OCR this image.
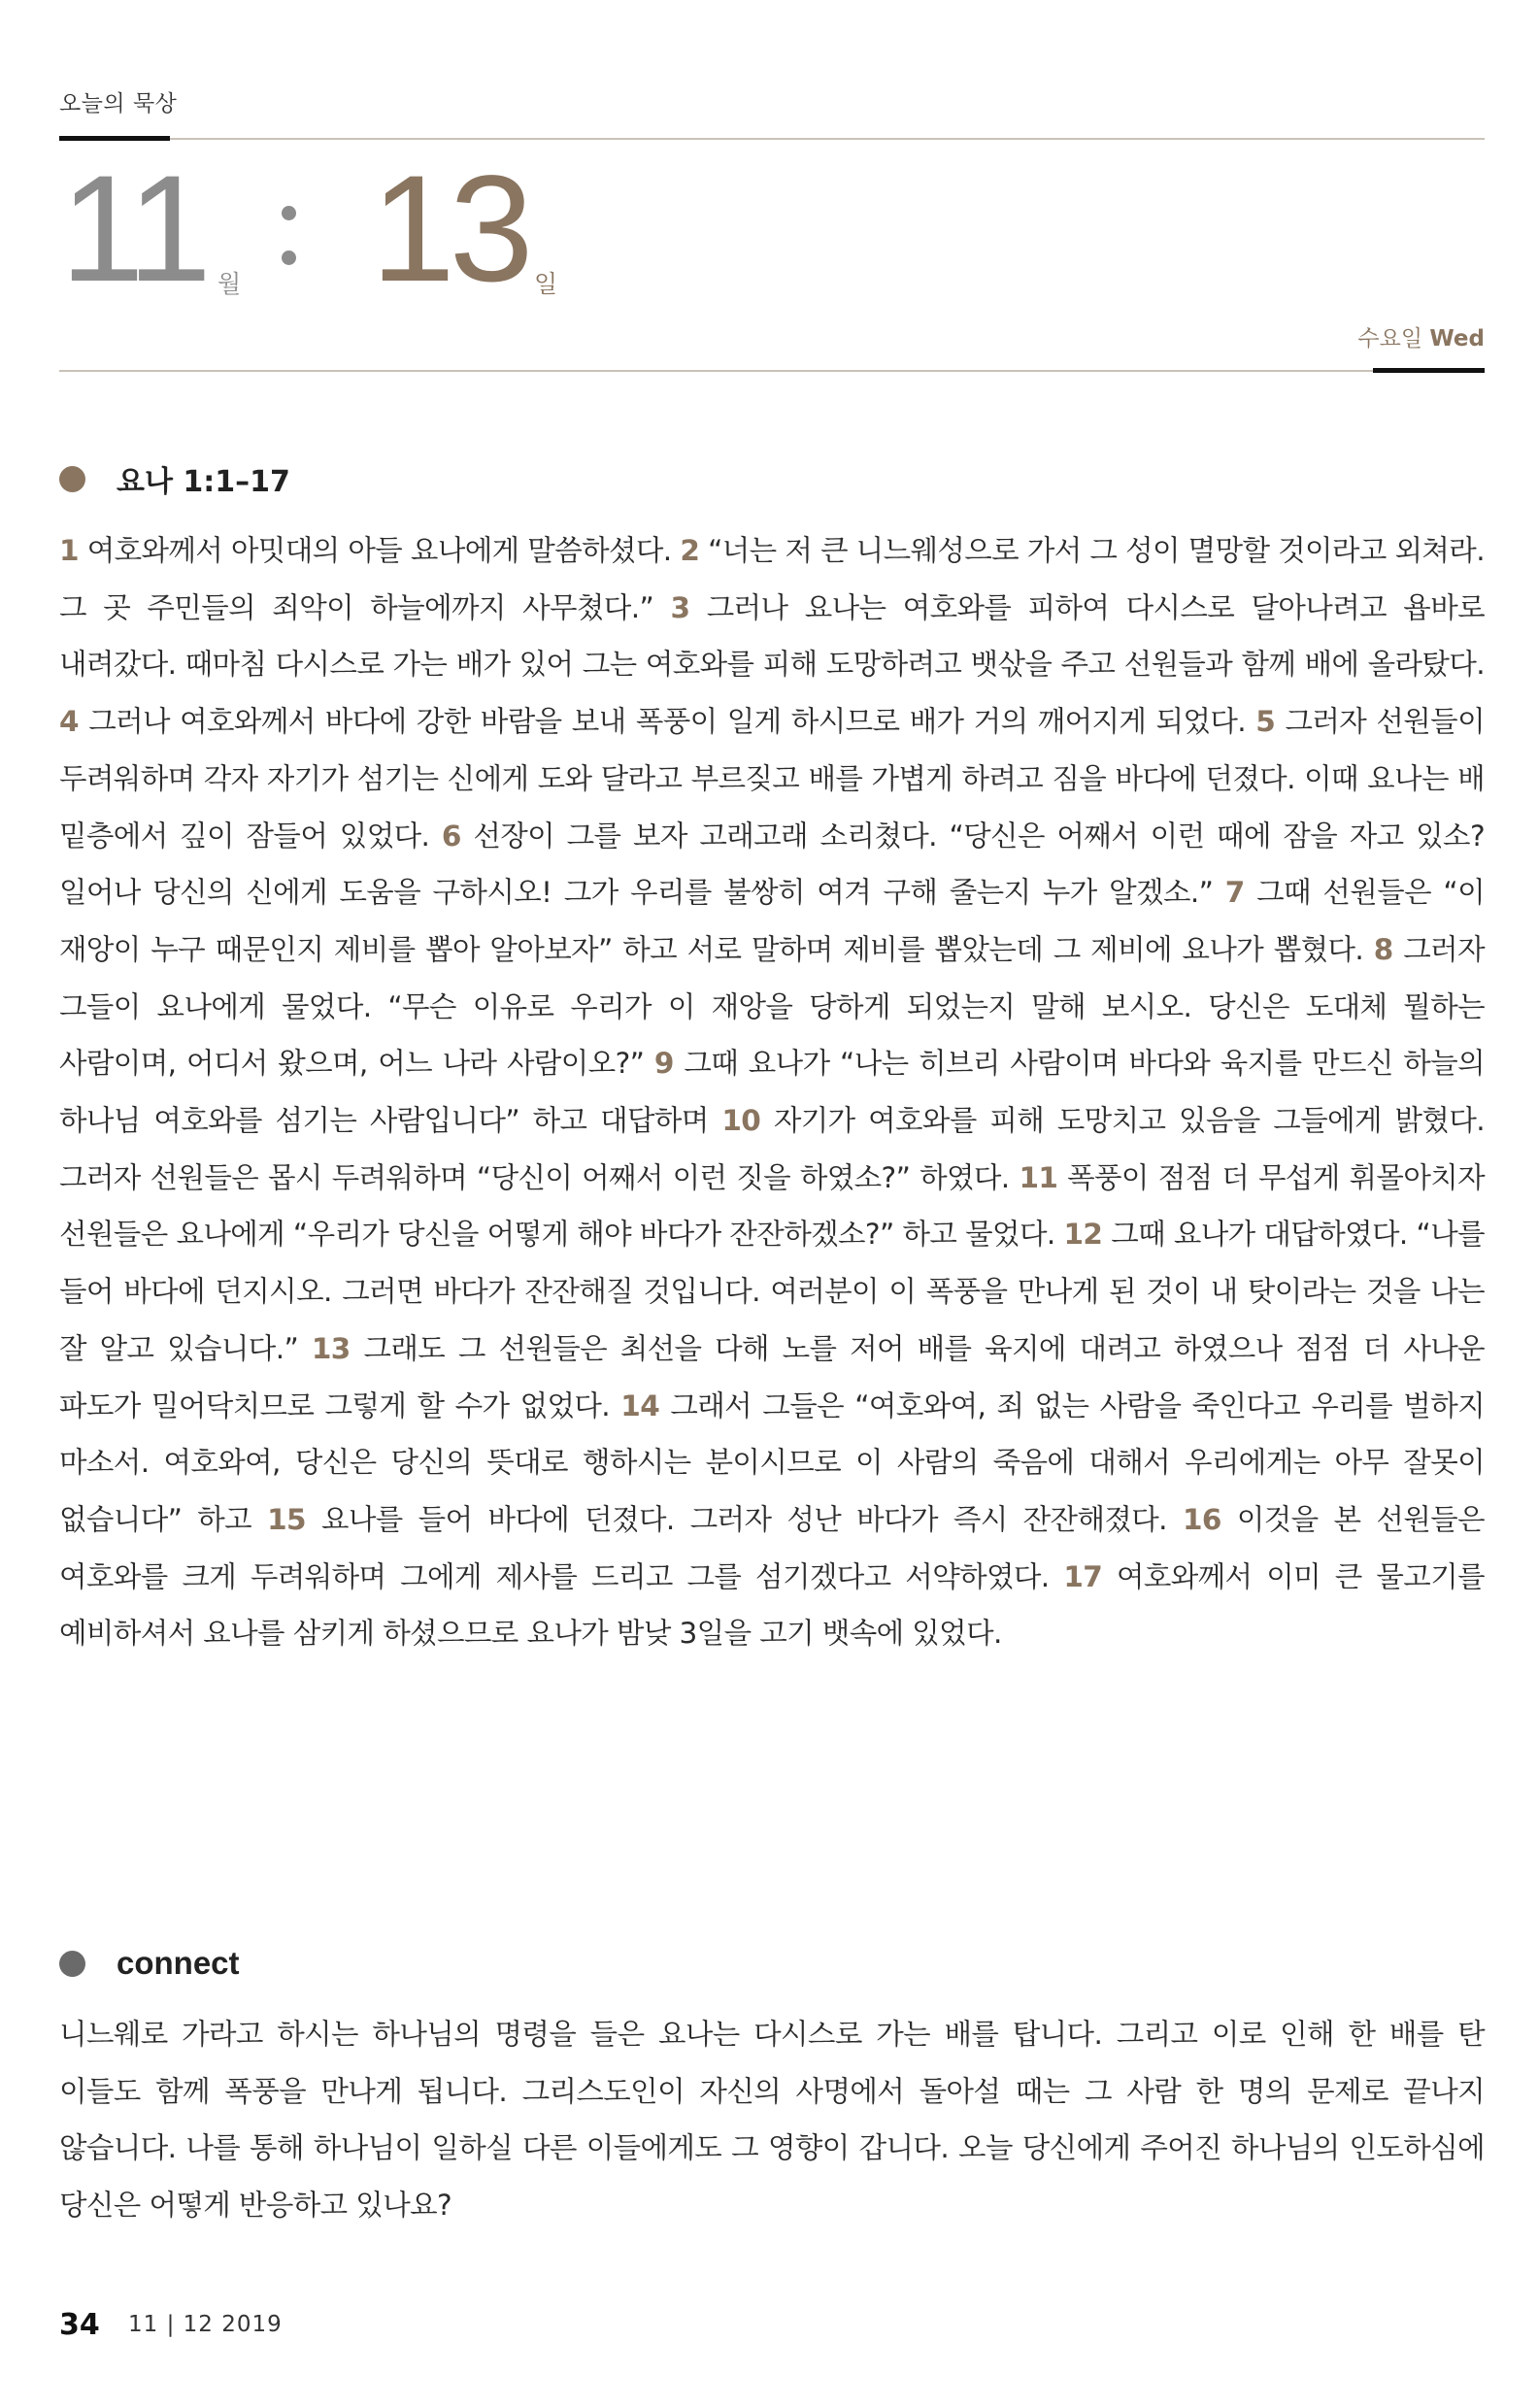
오늘의 묵상
11 월 13 일
수요일 Wed
요나 1:1–17
1 여호와께서 아밋대의 아들 요나에게 말씀하셨다. 2 “너는 저 큰 니느웨성으로 가서 그 성이 멸망할 것이라고 외쳐라. 그 곳 주민들의 죄악이 하늘에까지 사무쳤다.” 3 그러나 요나는 여호와를 피하여 다시스로 달아나려고 욥바로 내려갔다. 때마침 다시스로 가는 배가 있어 그는 여호와를 피해 도망하려고 뱃삯을 주고 선원들과 함께 배에 올라탔다. 4 그러나 여호와께서 바다에 강한 바람을 보내 폭풍이 일게 하시므로 배가 거의 깨어지게 되었다. 5 그러자 선원들이 두려워하며 각자 자기가 섬기는 신에게 도와 달라고 부르짖고 배를 가볍게 하려고 짐을 바다에 던졌다. 이때 요나는 배 밑층에서 깊이 잠들어 있었다. 6 선장이 그를 보자 고래고래 소리쳤다. “당신은 어째서 이런 때에 잠을 자고 있소? 일어나 당신의 신에게 도움을 구하시오! 그가 우리를 불쌍히 여겨 구해 줄는지 누가 알겠소.” 7 그때 선원들은 “이 재앙이 누구 때문인지 제비를 뽑아 알아보자” 하고 서로 말하며 제비를 뽑았는데 그 제비에 요나가 뽑혔다. 8 그러자 그들이 요나에게 물었다. “무슨 이유로 우리가 이 재앙을 당하게 되었는지 말해 보시오. 당신은 도대체 뭘하는 사람이며, 어디서 왔으며, 어느 나라 사람이오?” 9 그때 요나가 “나는 히브리 사람이며 바다와 육지를 만드신 하늘의 하나님 여호와를 섬기는 사람입니다” 하고 대답하며 10 자기가 여호와를 피해 도망치고 있음을 그들에게 밝혔다. 그러자 선원들은 몹시 두려워하며 “당신이 어째서 이런 짓을 하였소?” 하였다. 11 폭풍이 점점 더 무섭게 휘몰아치자 선원들은 요나에게 “우리가 당신을 어떻게 해야 바다가 잔잔하겠소?” 하고 물었다. 12 그때 요나가 대답하였다. “나를 들어 바다에 던지시오. 그러면 바다가 잔잔해질 것입니다. 여러분이 이 폭풍을 만나게 된 것이 내 탓이라는 것을 나는 잘 알고 있습니다.” 13 그래도 그 선원들은 최선을 다해 노를 저어 배를 육지에 대려고 하였으나 점점 더 사나운 파도가 밀어닥치므로 그렇게 할 수가 없었다. 14 그래서 그들은 “여호와여, 죄 없는 사람을 죽인다고 우리를 벌하지 마소서. 여호와여, 당신은 당신의 뜻대로 행하시는 분이시므로 이 사람의 죽음에 대해서 우리에게는 아무 잘못이 없습니다” 하고 15 요나를 들어 바다에 던졌다. 그러자 성난 바다가 즉시 잔잔해졌다. 16 이것을 본 선원들은 여호와를 크게 두려워하며 그에게 제사를 드리고 그를 섬기겠다고 서약하였다. 17 여호와께서 이미 큰 물고기를 예비하셔서 요나를 삼키게 하셨으므로 요나가 밤낮 3일을 고기 뱃속에 있었다.
connect
니느웨로 가라고 하시는 하나님의 명령을 들은 요나는 다시스로 가는 배를 탑니다. 그리고 이로 인해 한 배를 탄 이들도 함께 폭풍을 만나게 됩니다. 그리스도인이 자신의 사명에서 돌아설 때는 그 사람 한 명의 문제로 끝나지 않습니다. 나를 통해 하나님이 일하실 다른 이들에게도 그 영향이 갑니다. 오늘 당신에게 주어진 하나님의 인도하심에 당신은 어떻게 반응하고 있나요?
34 11 | 12 2019
